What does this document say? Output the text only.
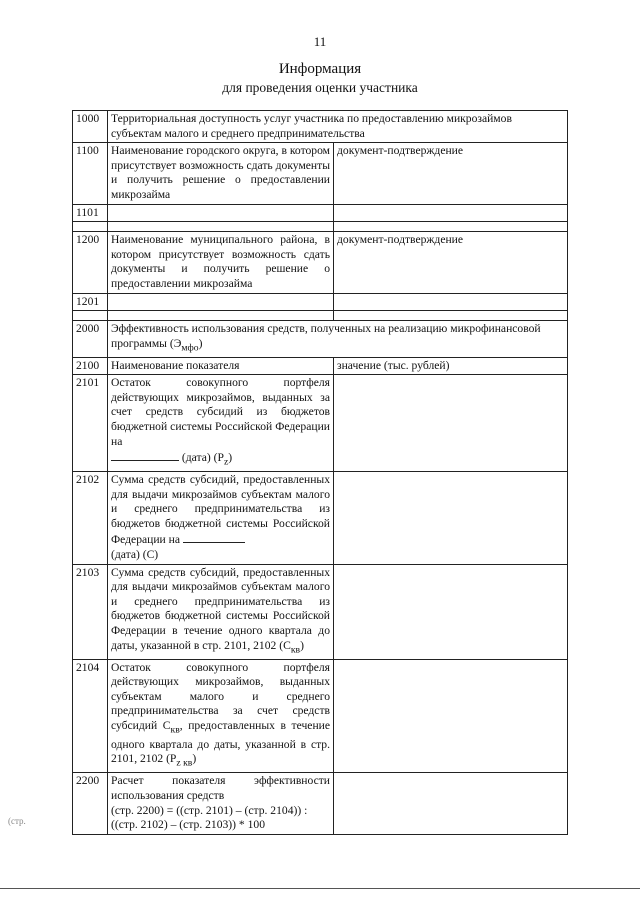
11
Информация
для проведения оценки участника
1000	Территориальная доступность услуг участника по предоставлению микрозаймов субъектам малого и среднего предпринимательства	
1100	Наименование городского округа, в котором присутствует возможность сдать документы и получить решение о предоставлении микрозайма	документ-подтверждение
1101		

1200	Наименование муниципального района, в котором присутствует возможность сдать документы и получить решение о предоставлении микрозайма	документ-подтверждение
1201		

2000	Эффективность использования средств, полученных на реализацию микрофинансовой программы $(Э_{мфо})$	
2100	Наименование показателя	значение (тыс. рублей)
2101	Остаток совокупного портфеля действующих микрозаймов, выданных за счет средств субсидий из бюджетов бюджетной системы Российской Федерации на
(дата) $(Р_z)$	
2102	Сумма средств субсидий, предоставленных для выдачи микрозаймов субъектам малого и среднего предпринимательства из бюджетов бюджетной системы Российской Федерации на
(дата) (С)	
2103	Сумма средств субсидий, предоставленных для выдачи микрозаймов субъектам малого и среднего предпринимательства из бюджетов бюджетной системы Российской Федерации в течение одного квартала до даты, указанной в стр. 2101, 2102 $(С_{кв})$	
2104	Остаток совокупного портфеля действующих микрозаймов, выданных субъектам малого и среднего предпринимательства за счет средств субсидий $С_{кв}$, предоставленных в течение одного квартала до даты, указанной в стр. 2101, 2102 $(Р_{z кв})$	
2200	Расчет показателя эффективности использования средств
(стр. 2200) = ((стр. 2101) – (стр. 2104)) :
((стр. 2102) – (стр. 2103)) * 100	

(стр.
